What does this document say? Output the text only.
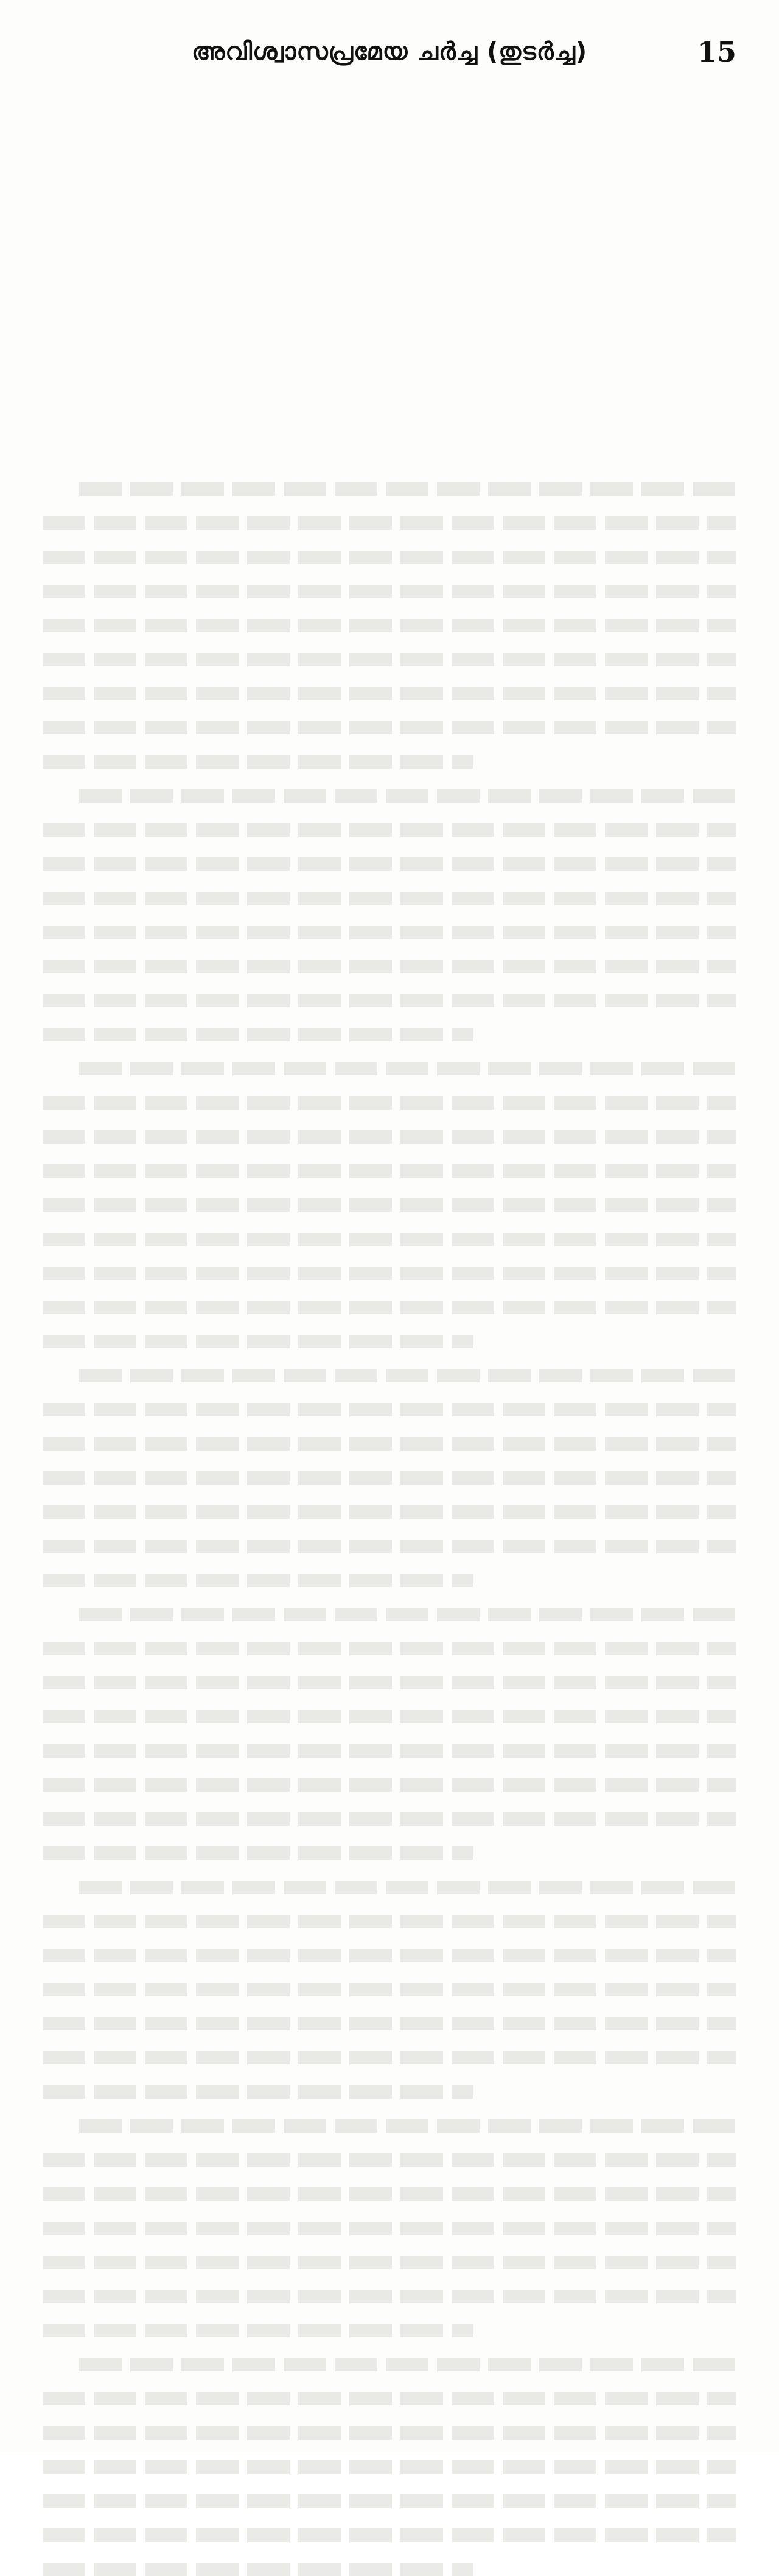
അവിശ്വാസപ്രമേയ ചർച്ച (തുടർച്ച)	15
